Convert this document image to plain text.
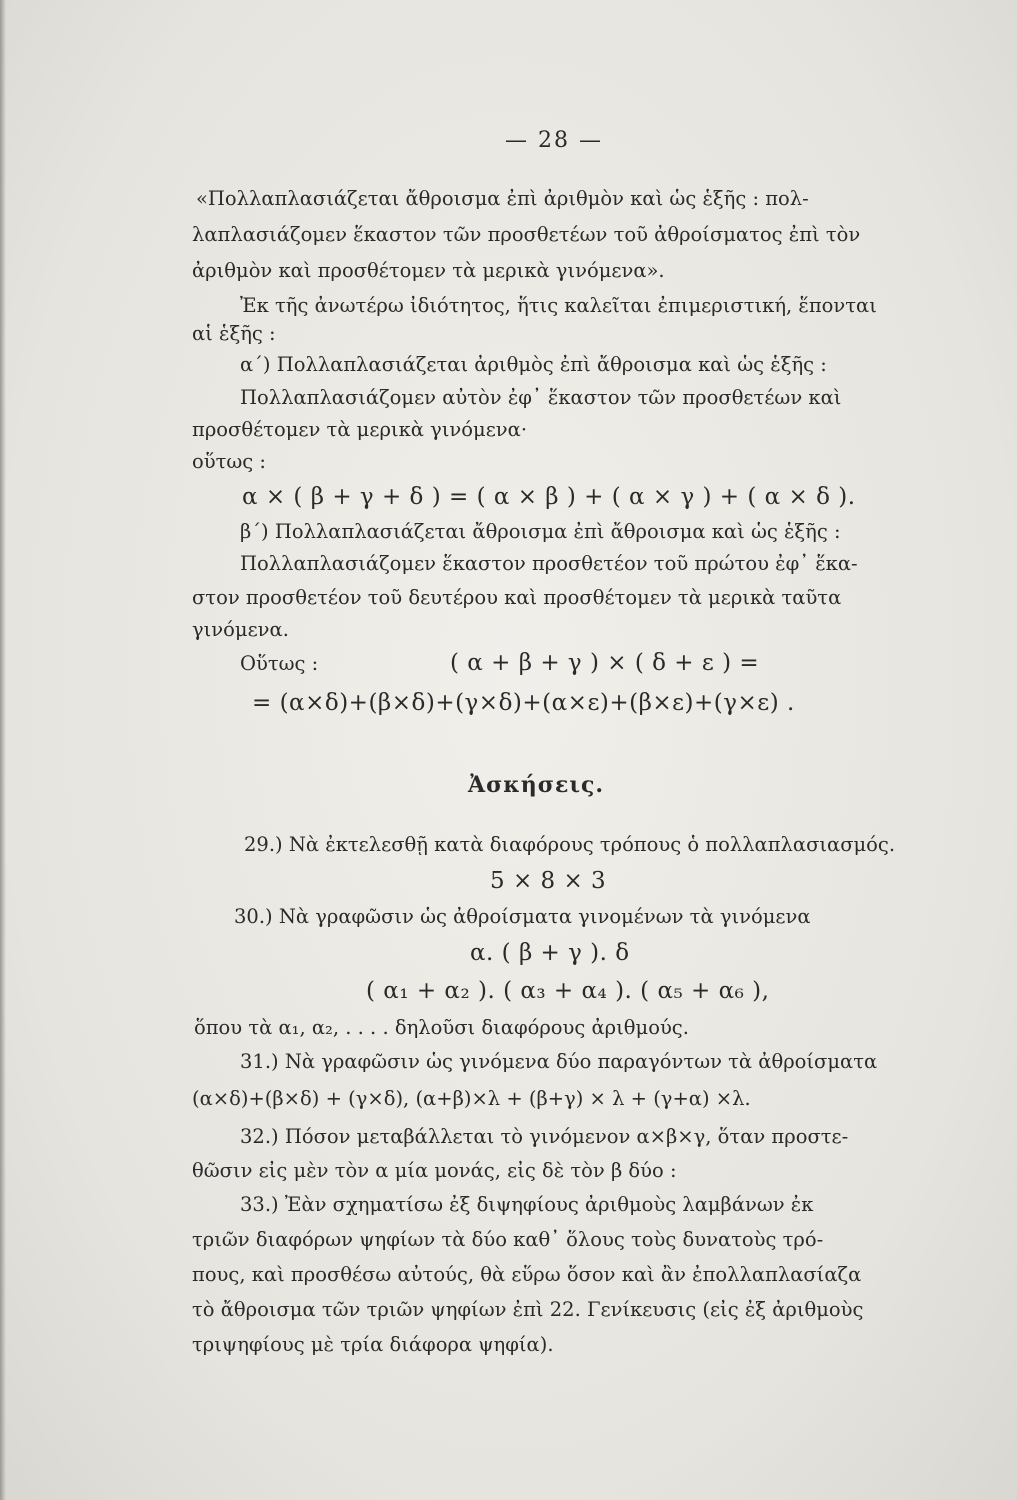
— 28 —
«Πολλαπλασιάζεται ἄθροισμα ἐπὶ ἀριθμὸν καὶ ὡς ἑξῆς : πολ-
λαπλασιάζομεν ἕκαστον τῶν προσθετέων τοῦ ἀθροίσματος ἐπὶ τὸν
ἀριθμὸν καὶ προσθέτομεν τὰ μερικὰ γινόμενα».
Ἐκ τῆς ἀνωτέρω ἰδιότητος, ἥτις καλεῖται ἐπιμεριστική, ἕπονται
αἱ ἑξῆς :
α΄) Πολλαπλασιάζεται ἀριθμὸς ἐπὶ ἄθροισμα καὶ ὡς ἑξῆς :
Πολλαπλασιάζομεν αὐτὸν ἐφ᾽ ἕκαστον τῶν προσθετέων καὶ
προσθέτομεν τὰ μερικὰ γινόμενα·
οὕτως :
α × ( β + γ + δ ) = ( α × β ) + ( α × γ ) + ( α × δ ).
β΄) Πολλαπλασιάζεται ἄθροισμα ἐπὶ ἄθροισμα καὶ ὡς ἑξῆς :
Πολλαπλασιάζομεν ἕκαστον προσθετέον τοῦ πρώτου ἐφ᾽ ἕκα-
στον προσθετέον τοῦ δευτέρου καὶ προσθέτομεν τὰ μερικὰ ταῦτα
γινόμενα.
Οὕτως :	( α + β + γ ) × ( δ + ε ) =
= (α×δ)+(β×δ)+(γ×δ)+(α×ε)+(β×ε)+(γ×ε) .
Ἀσκήσεις.
29.) Νὰ ἐκτελεσθῇ κατὰ διαφόρους τρόπους ὁ πολλαπλασιασμός.
5 × 8 × 3
30.) Νὰ γραφῶσιν ὡς ἀθροίσματα γινομένων τὰ γινόμενα
α. ( β + γ ). δ
( α₁ + α₂ ). ( α₃ + α₄ ). ( α₅ + α₆ ),
ὅπου τὰ α₁, α₂, . . . . δηλοῦσι διαφόρους ἀριθμούς.
31.) Νὰ γραφῶσιν ὡς γινόμενα δύο παραγόντων τὰ ἀθροίσματα
(α×δ)+(β×δ) + (γ×δ), (α+β)×λ + (β+γ) × λ + (γ+α) ×λ.
32.) Πόσον μεταβάλλεται τὸ γινόμενον α×β×γ, ὅταν προστε-
θῶσιν εἰς μὲν τὸν α μία μονάς, εἰς δὲ τὸν β δύο :
33.) Ἐὰν σχηματίσω ἐξ διψηφίους ἀριθμοὺς λαμβάνων ἐκ
τριῶν διαφόρων ψηφίων τὰ δύο καθ᾽ ὅλους τοὺς δυνατοὺς τρό-
πους, καὶ προσθέσω αὐτούς, θὰ εὕρω ὅσον καὶ ἂν ἐπολλαπλασίαζα
τὸ ἄθροισμα τῶν τριῶν ψηφίων ἐπὶ 22. Γενίκευσις (εἰς ἐξ ἀριθμοὺς
τριψηφίους μὲ τρία διάφορα ψηφία).
